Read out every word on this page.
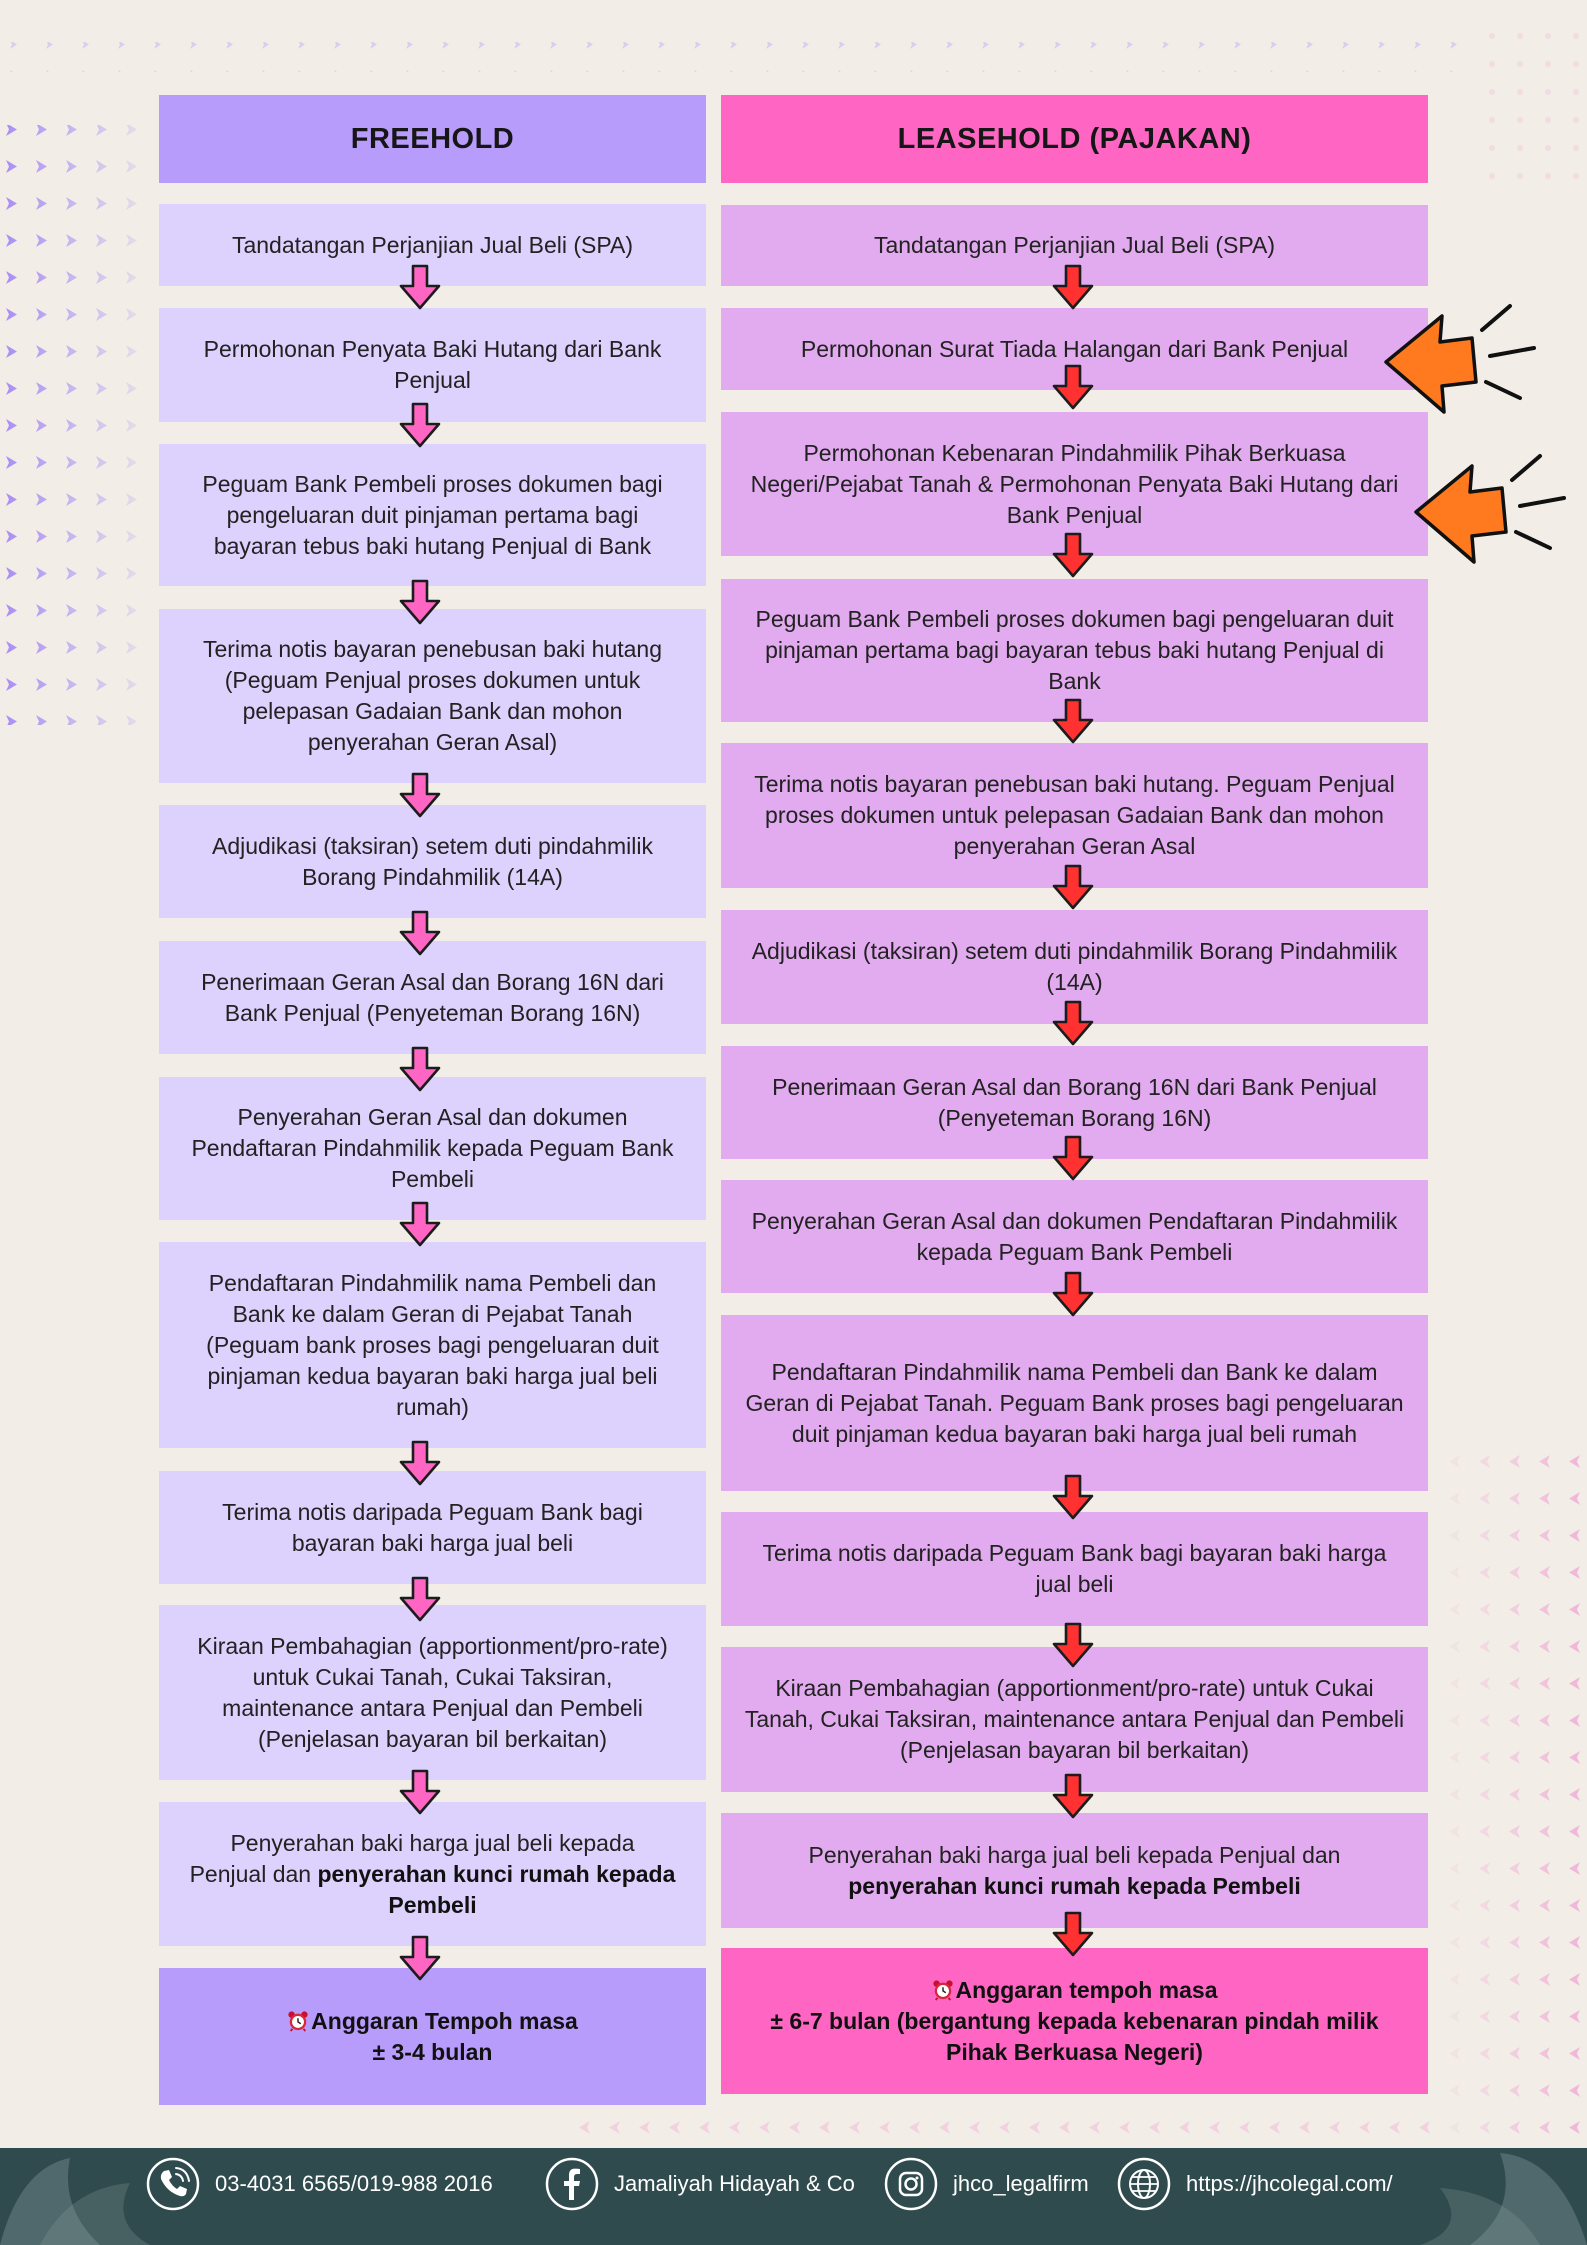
FREEHOLD	LEASEHOLD (PAJAKAN)

Tandatangan Perjanjian Jual Beli (SPA)

Permohonan Penyata Baki Hutang dari Bank Penjual

Peguam Bank Pembeli proses dokumen bagi pengeluaran duit pinjaman pertama bagi bayaran tebus baki hutang Penjual di Bank

Terima notis bayaran penebusan baki hutang (Peguam Penjual proses dokumen untuk pelepasan Gadaian Bank dan mohon penyerahan Geran Asal)

Adjudikasi (taksiran) setem duti pindahmilik Borang Pindahmilik (14A)

Penerimaan Geran Asal dan Borang 16N dari Bank Penjual (Penyeteman Borang 16N)

Penyerahan Geran Asal dan dokumen Pendaftaran Pindahmilik kepada Peguam Bank Pembeli

Pendaftaran Pindahmilik nama Pembeli dan Bank ke dalam Geran di Pejabat Tanah (Peguam bank proses bagi pengeluaran duit pinjaman kedua bayaran baki harga jual beli rumah)

Terima notis daripada Peguam Bank bagi bayaran baki harga jual beli

Kiraan Pembahagian (apportionment/pro-rate) untuk Cukai Tanah, Cukai Taksiran, maintenance antara Penjual dan Pembeli (Penjelasan bayaran bil berkaitan)

Penyerahan baki harga jual beli kepada Penjual dan penyerahan kunci rumah kepada Pembeli

Anggaran Tempoh masa

± 3-4 bulan

Tandatangan Perjanjian Jual Beli (SPA)

Permohonan Surat Tiada Halangan dari Bank Penjual

Permohonan Kebenaran Pindahmilik Pihak Berkuasa Negeri/Pejabat Tanah & Permohonan Penyata Baki Hutang dari Bank Penjual

Peguam Bank Pembeli proses dokumen bagi pengeluaran duit pinjaman pertama bagi bayaran tebus baki hutang Penjual di Bank

Terima notis bayaran penebusan baki hutang. Peguam Penjual proses dokumen untuk pelepasan Gadaian Bank dan mohon penyerahan Geran Asal

Adjudikasi (taksiran) setem duti pindahmilik Borang Pindahmilik (14A)

Penerimaan Geran Asal dan Borang 16N dari Bank Penjual (Penyeteman Borang 16N)

Penyerahan Geran Asal dan dokumen Pendaftaran Pindahmilik kepada Peguam Bank Pembeli

Pendaftaran Pindahmilik nama Pembeli dan Bank ke dalam Geran di Pejabat Tanah. Peguam Bank proses bagi pengeluaran duit pinjaman kedua bayaran baki harga jual beli rumah

Terima notis daripada Peguam Bank bagi bayaran baki harga jual beli

Kiraan Pembahagian (apportionment/pro-rate) untuk Cukai Tanah, Cukai Taksiran, maintenance antara Penjual dan Pembeli (Penjelasan bayaran bil berkaitan)

Penyerahan baki harga jual beli kepada Penjual dan
penyerahan kunci rumah kepada Pembeli

Anggaran tempoh masa

± 6-7 bulan (bergantung kepada kebenaran pindah milik Pihak Berkuasa Negeri)

03-4031 6565/019-988 2016	Jamaliyah Hidayah & Co	jhco_legalfirm	https://jhcolegal.com/
